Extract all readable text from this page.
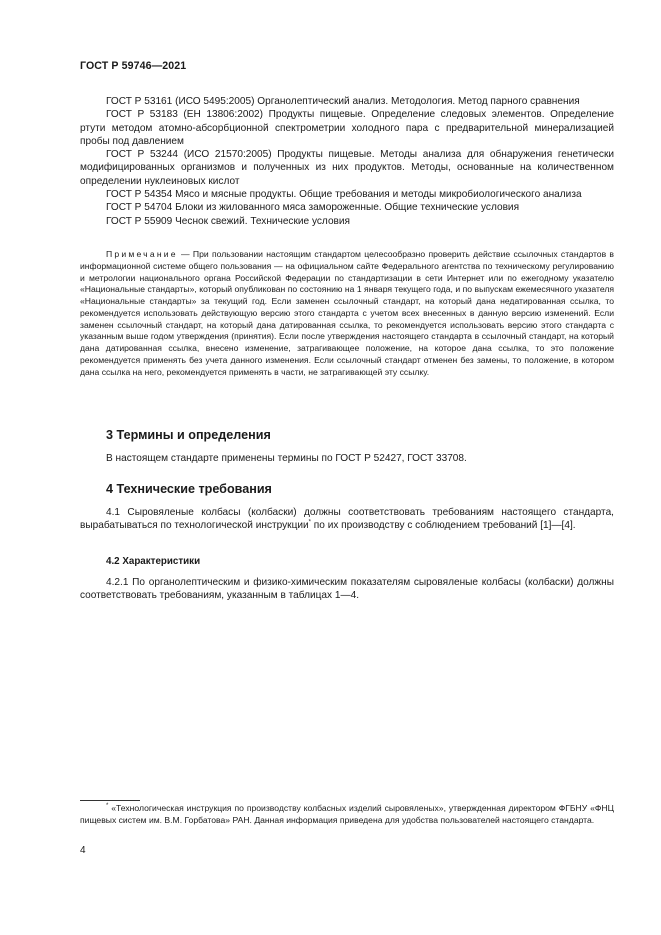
ГОСТ Р 59746—2021

ГОСТ Р 53161 (ИСО 5495:2005) Органолептический анализ. Методология. Метод парного сравнения

ГОСТ Р 53183 (ЕН 13806:2002) Продукты пищевые. Определение следовых элементов. Определение ртути методом атомно-абсорбционной спектрометрии холодного пара с предварительной минерализацией пробы под давлением

ГОСТ Р 53244 (ИСО 21570:2005) Продукты пищевые. Методы анализа для обнаружения генетически модифицированных организмов и полученных из них продуктов. Методы, основанные на количественном определении нуклеиновых кислот

ГОСТ Р 54354 Мясо и мясные продукты. Общие требования и методы микробиологического анализа

ГОСТ Р 54704 Блоки из жилованного мяса замороженные. Общие технические условия

ГОСТ Р 55909 Чеснок свежий. Технические условия

Примечание — При пользовании настоящим стандартом целесообразно проверить действие ссылочных стандартов в информационной системе общего пользования — на официальном сайте Федерального агентства по техническому регулированию и метрологии национального органа Российской Федерации по стандартизации в сети Интернет или по ежегодному указателю «Национальные стандарты», который опубликован по состоянию на 1 января текущего года, и по выпускам ежемесячного указателя «Национальные стандарты» за текущий год. Если заменен ссылочный стандарт, на который дана недатированная ссылка, то рекомендуется использовать действующую версию этого стандарта с учетом всех внесенных в данную версию изменений. Если заменен ссылочный стандарт, на который дана датированная ссылка, то рекомендуется использовать версию этого стандарта с указанным выше годом утверждения (принятия). Если после утверждения настоящего стандарта в ссылочный стандарт, на который дана датированная ссылка, внесено изменение, затрагивающее положение, на которое дана ссылка, то это положение рекомендуется применять без учета данного изменения. Если ссылочный стандарт отменен без замены, то положение, в котором дана ссылка на него, рекомендуется применять в части, не затрагивающей эту ссылку.

3 Термины и определения

В настоящем стандарте применены термины по ГОСТ Р 52427, ГОСТ 33708.

4 Технические требования

4.1 Сыровяленые колбасы (колбаски) должны соответствовать требованиям настоящего стандарта, вырабатываться по технологической инструкции* по их производству с соблюдением требований [1]—[4].

4.2 Характеристики

4.2.1 По органолептическим и физико-химическим показателям сыровяленые колбасы (колбаски) должны соответствовать требованиям, указанным в таблицах 1—4.

* «Технологическая инструкция по производству колбасных изделий сыровяленых», утвержденная директором ФГБНУ «ФНЦ пищевых систем им. В.М. Горбатова» РАН. Данная информация приведена для удобства пользователей настоящего стандарта.

4
